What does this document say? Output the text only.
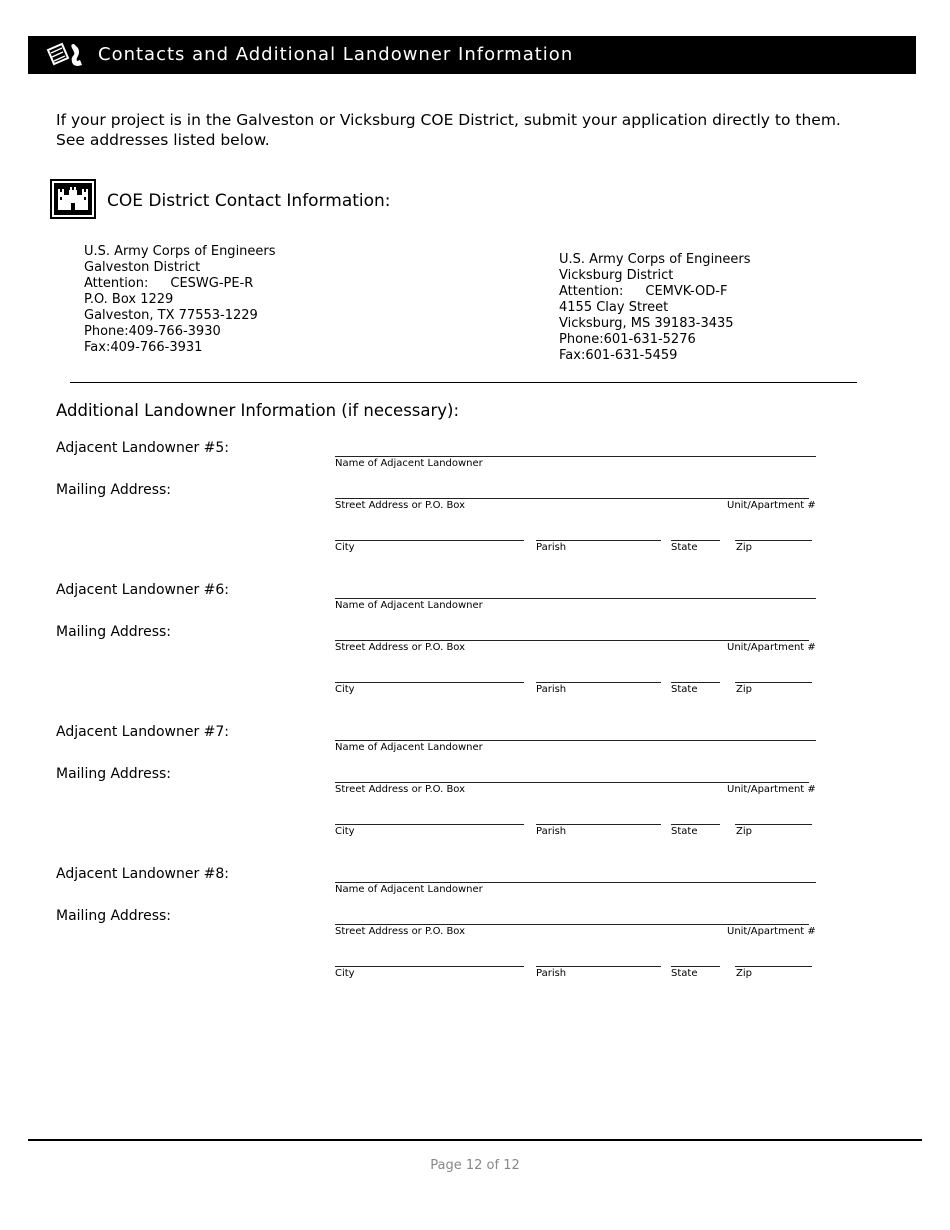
Contacts and Additional Landowner Information
If your project is in the Galveston or Vicksburg COE District, submit your application directly to them.
See addresses listed below.
COE District Contact Information:
U.S. Army Corps of Engineers
Galveston District
Attention: CESWG-PE-R
P.O. Box 1229
Galveston, TX 77553-1229
Phone:409-766-3930
Fax:409-766-3931
U.S. Army Corps of Engineers
Vicksburg District
Attention: CEMVK-OD-F
4155 Clay Street
Vicksburg, MS 39183-3435
Phone:601-631-5276
Fax:601-631-5459
Additional Landowner Information (if necessary):
Adjacent Landowner #5:
Name of Adjacent Landowner
Mailing Address:
Street Address or P.O. Box	Unit/Apartment #
City	Parish	State	Zip
Adjacent Landowner #6:
Name of Adjacent Landowner
Mailing Address:
Street Address or P.O. Box	Unit/Apartment #
City	Parish	State	Zip
Adjacent Landowner #7:
Name of Adjacent Landowner
Mailing Address:
Street Address or P.O. Box	Unit/Apartment #
City	Parish	State	Zip
Adjacent Landowner #8:
Name of Adjacent Landowner
Mailing Address:
Street Address or P.O. Box	Unit/Apartment #
City	Parish	State	Zip
Page 12 of 12
